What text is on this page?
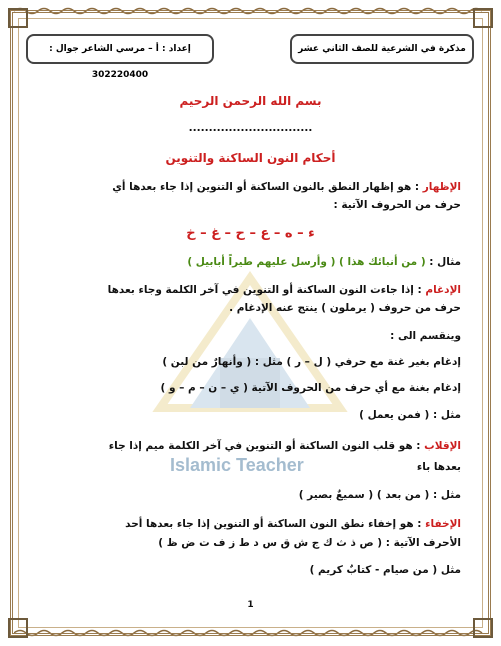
إعداد : أ – مرسي الشاعر جوال : 302220400
مذكرة في الشرعية للصف الثاني عشر
Islamic Teacher
بسم الله الرحمن الرحيم
...............................
أحكام النون الساكنة والتنوين
الإظهار : هو إظهار النطق بالنون الساكنة أو التنوين إذا جاء بعدها أي
حرف من الحروف الآتية :
ء – ه – ع – ح – غ – خ
مثال : ( من أنبائك هذا ) ( وأرسل عليهم طيراً أبابيل )
الإدغام : إذا جاءت النون الساكنة أو التنوين في آخر الكلمة وجاء بعدها
حرف من حروف ( يرملون ) ينتج عنه الإدغام .
وينقسم الى :
إدغام بغير غنة مع حرفي ( ل – ر ) مثل : ( وأنهارٌ من لبن )
إدغام بغنة مع أي حرف من الحروف الآتية ( ي – ن – م – و )
مثل : ( فمن يعمل )
الإقلاب : هو قلب النون الساكنة أو التنوين في آخر الكلمة ميم إذا جاء
بعدها باء
مثل : ( من بعد ) ( سميعٌ بصير )
الإخفاء : هو إخفاء نطق النون الساكنة أو التنوين إذا جاء بعدها أحد
الأحرف الآتية : ( ص ذ ث ك ج ش ق س د ط ز ف ت ض ظ )
مثل ( من صيام - كتابٌ كريم )
1
